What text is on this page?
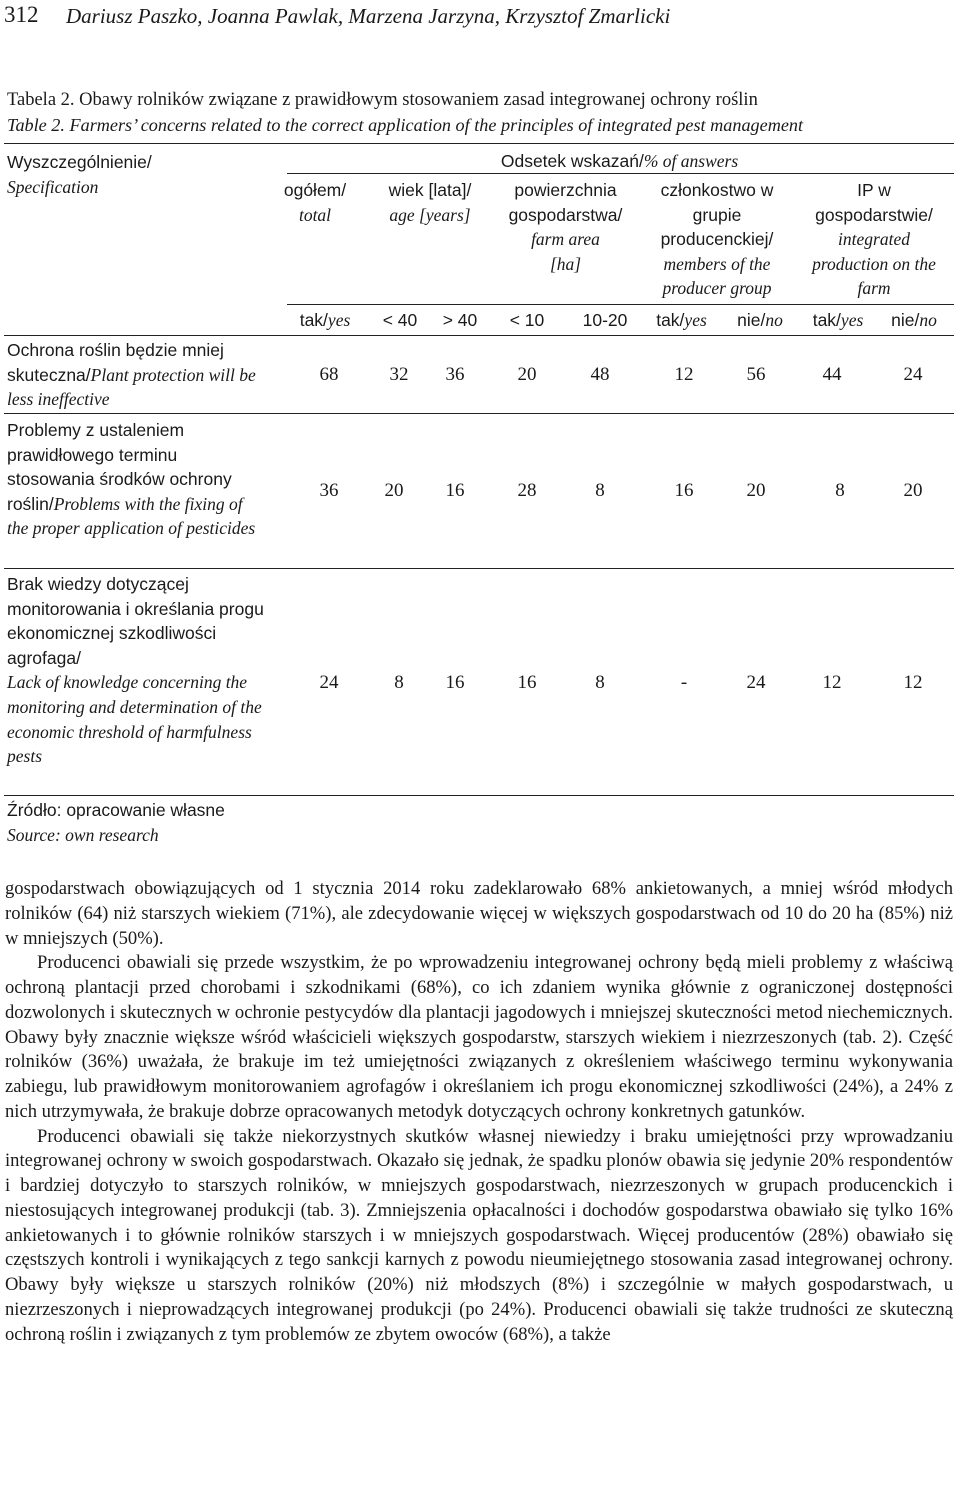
312 Dariusz Paszko, Joanna Pawlak, Marzena Jarzyna, Krzysztof Zmarlicki
Tabela 2. Obawy rolników związane z prawidłowym stosowaniem zasad integrowanej ochrony roślin
Table 2. Farmers’ concerns related to the correct application of the principles of integrated pest management
Wyszczególnienie/
Specification
Odsetek wskazań/% of answers
ogółem/
total
wiek [lata]/
age [years]
powierzchnia gospodarstwa/
farm area [ha]
członkostwo w grupie producenckiej/
members of the producer group
IP w gospodarstwie/
integrated production on the farm
tak/yes	< 40	> 40	< 10	10-20	tak/yes	nie/no	tak/yes	nie/no
Ochrona roślin będzie mniej skuteczna/Plant protection will be less ineffective
68	32	36	20	48	12	56	44	24
Problemy z ustaleniem prawidłowego terminu stosowania środków ochrony roślin/Problems with the fixing of the proper application of pesticides
36	20	16	28	8	16	20	8	20
Brak wiedzy dotyczącej monitorowania i określania progu ekonomicznej szkodliwości agrofaga/
Lack of knowledge concerning the monitoring and determination of the economic threshold of harmfulness pests
24	8	16	16	8	-	24	12	12
Źródło: opracowanie własne
Source: own research

gospodarstwach obowiązujących od 1 stycznia 2014 roku zadeklarowało 68% ankietowanych, a mniej wśród młodych rolników (64) niż starszych wiekiem (71%), ale zdecydowanie więcej w większych gospodarstwach od 10 do 20 ha (85%) niż w mniejszych (50%).

Producenci obawiali się przede wszystkim, że po wprowadzeniu integrowanej ochrony będą mieli problemy z właściwą ochroną plantacji przed chorobami i szkodnikami (68%), co ich zdaniem wynika głównie z ograniczonej dostępności dozwolonych i skutecznych w ochronie pestycydów dla plantacji jagodowych i mniejszej skuteczności metod niechemicznych. Obawy były znacznie większe wśród właścicieli większych gospodarstw, starszych wiekiem i niezrzeszonych (tab. 2). Część rolników (36%) uważała, że brakuje im też umiejętności związanych z określeniem właściwego terminu wykonywania zabiegu, lub prawidłowym monitorowaniem agrofagów i określaniem ich progu ekonomicznej szkodliwości (24%), a 24% z nich utrzymywała, że brakuje dobrze opracowanych metodyk dotyczących ochrony konkretnych gatunków.

Producenci obawiali się także niekorzystnych skutków własnej niewiedzy i braku umiejętności przy wprowadzaniu integrowanej ochrony w swoich gospodarstwach. Okazało się jednak, że spadku plonów obawia się jedynie 20% respondentów i bardziej dotyczyło to starszych rolników, w mniejszych gospodarstwach, niezrzeszonych w grupach producenckich i niestosujących integrowanej produkcji (tab. 3). Zmniejszenia opłacalności i dochodów gospodarstwa obawiało się tylko 16% ankietowanych i to głównie rolników starszych i w mniejszych gospodarstwach. Więcej producentów (28%) obawiało się częstszych kontroli i wynikających z tego sankcji karnych z powodu nieumiejętnego stosowania zasad integrowanej ochrony. Obawy były większe u starszych rolników (20%) niż młodszych (8%) i szczególnie w małych gospodarstwach, u niezrzeszonych i nieprowadzących integrowanej produkcji (po 24%). Producenci obawiali się także trudności ze skuteczną ochroną roślin i związanych z tym problemów ze zbytem owoców (68%), a także
